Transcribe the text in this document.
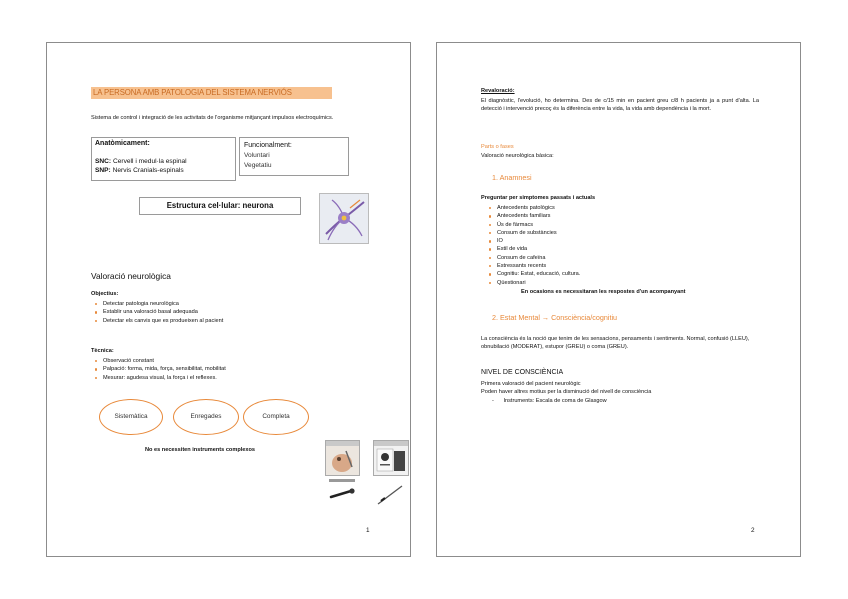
LA PERSONA AMB PATOLOGIA DEL SISTEMA NERVIÓS
Sistema de control i integració de les activitats de l'organisme mitjançant impulsos electroquímics.
Anatòmicament:
SNC: Cervell i medul·la espinal
SNP: Nervis Cranials-espinals
Funcionalment:
Voluntari
Vegetatiu
Estructura cel·lular: neurona
Valoració neurològica
Objectius:
Detectar patologia neurològica
Establir una valoració basal adequada
Detectar els canvis que es produeixen al pacient
Tècnica:
Observació constant
Palpació: forma, mida, força, sensibilitat, mobilitat
Mesurar: agudesa visual, la força i el reflexes.
Sistemàtica	Enregades	Completa
No es necessiten instruments complexos
1
Revaloració:
El diagnòstic, l'evolució, ho determina. Des de c/15 min en pacient greu c/8 h pacients ja a punt d'alta. La detecció i intervenció precoç és la diferència entre la vida, la vida amb dependència i la mort.
Parts o fases
Valoració neurològica bàsica:
1. Anamnesi
Preguntar per simptomes passats i actuals
Antecedents patològics
Antecedents familiars
Ús de fàrmacs
Consum de substàncies
IO
Estil de vida
Consum de cafeïna
Estressants recents
Cognitiu: Estat, educació, cultura.
Qüestionari
En ocasions es necessitaran les respostes d'un acompanyant
2. Estat Mental → Consciència/cognitiu
La consciència és la noció que tenim de les sensacions, pensaments i sentiments. Normal, confusió (LLEU), obnubilació (MODERAT), estupor (GREU) o coma (GREU).
NIVEL DE CONSCIÈNCIA
Primera valoració del pacient neurològic
Poden haver altres motius per la disminució del nivell de consciència
- Instruments: Escala de coma de Glasgow
2
